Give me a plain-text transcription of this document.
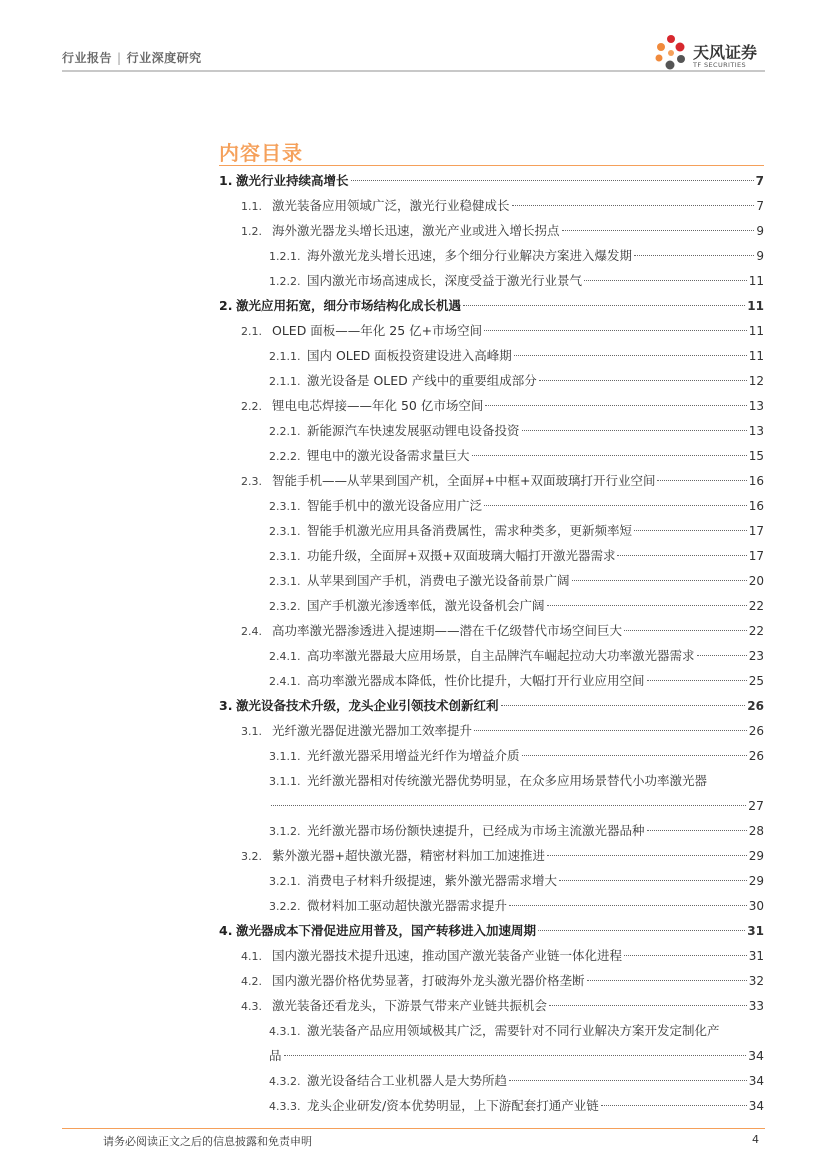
行业报告 | 行业深度研究	天风证券
TF SECURITIES
内容目录
1. 激光行业持续高增长	7
1.1. 激光装备应用领域广泛，激光行业稳健成长	7
1.2. 海外激光器龙头增长迅速，激光产业或进入增长拐点	9
1.2.1. 海外激光龙头增长迅速，多个细分行业解决方案进入爆发期	9
1.2.2. 国内激光市场高速成长，深度受益于激光行业景气	11
2. 激光应用拓宽，细分市场结构化成长机遇	11
2.1. OLED 面板——年化 25 亿+市场空间	11
2.1.1. 国内 OLED 面板投资建设进入高峰期	11
2.1.1. 激光设备是 OLED 产线中的重要组成部分	12
2.2. 锂电电芯焊接——年化 50 亿市场空间	13
2.2.1. 新能源汽车快速发展驱动锂电设备投资	13
2.2.2. 锂电中的激光设备需求量巨大	15
2.3. 智能手机——从苹果到国产机，全面屏+中框+双面玻璃打开行业空间	16
2.3.1. 智能手机中的激光设备应用广泛	16
2.3.1. 智能手机激光应用具备消费属性，需求种类多，更新频率短	17
2.3.1. 功能升级，全面屏+双摄+双面玻璃大幅打开激光器需求	17
2.3.1. 从苹果到国产手机，消费电子激光设备前景广阔	20
2.3.2. 国产手机激光渗透率低，激光设备机会广阔	22
2.4. 高功率激光器渗透进入提速期——潜在千亿级替代市场空间巨大	22
2.4.1. 高功率激光器最大应用场景，自主品牌汽车崛起拉动大功率激光器需求	23
2.4.1. 高功率激光器成本降低，性价比提升，大幅打开行业应用空间	25
3. 激光设备技术升级，龙头企业引领技术创新红利	26
3.1. 光纤激光器促进激光器加工效率提升	26
3.1.1. 光纤激光器采用增益光纤作为增益介质	26
3.1.1. 光纤激光器相对传统激光器优势明显，在众多应用场景替代小功率激光器
27
3.1.2. 光纤激光器市场份额快速提升，已经成为市场主流激光器品种	28
3.2. 紫外激光器+超快激光器，精密材料加工加速推进	29
3.2.1. 消费电子材料升级提速，紫外激光器需求增大	29
3.2.2. 微材料加工驱动超快激光器需求提升	30
4. 激光器成本下滑促进应用普及，国产转移进入加速周期	31
4.1. 国内激光器技术提升迅速，推动国产激光装备产业链一体化进程	31
4.2. 国内激光器价格优势显著，打破海外龙头激光器价格垄断	32
4.3. 激光装备还看龙头，下游景气带来产业链共振机会	33
4.3.1. 激光装备产品应用领域极其广泛，需要针对不同行业解决方案开发定制化产
品	34
4.3.2. 激光设备结合工业机器人是大势所趋	34
4.3.3. 龙头企业研发/资本优势明显，上下游配套打通产业链	34
请务必阅读正文之后的信息披露和免责申明	4
